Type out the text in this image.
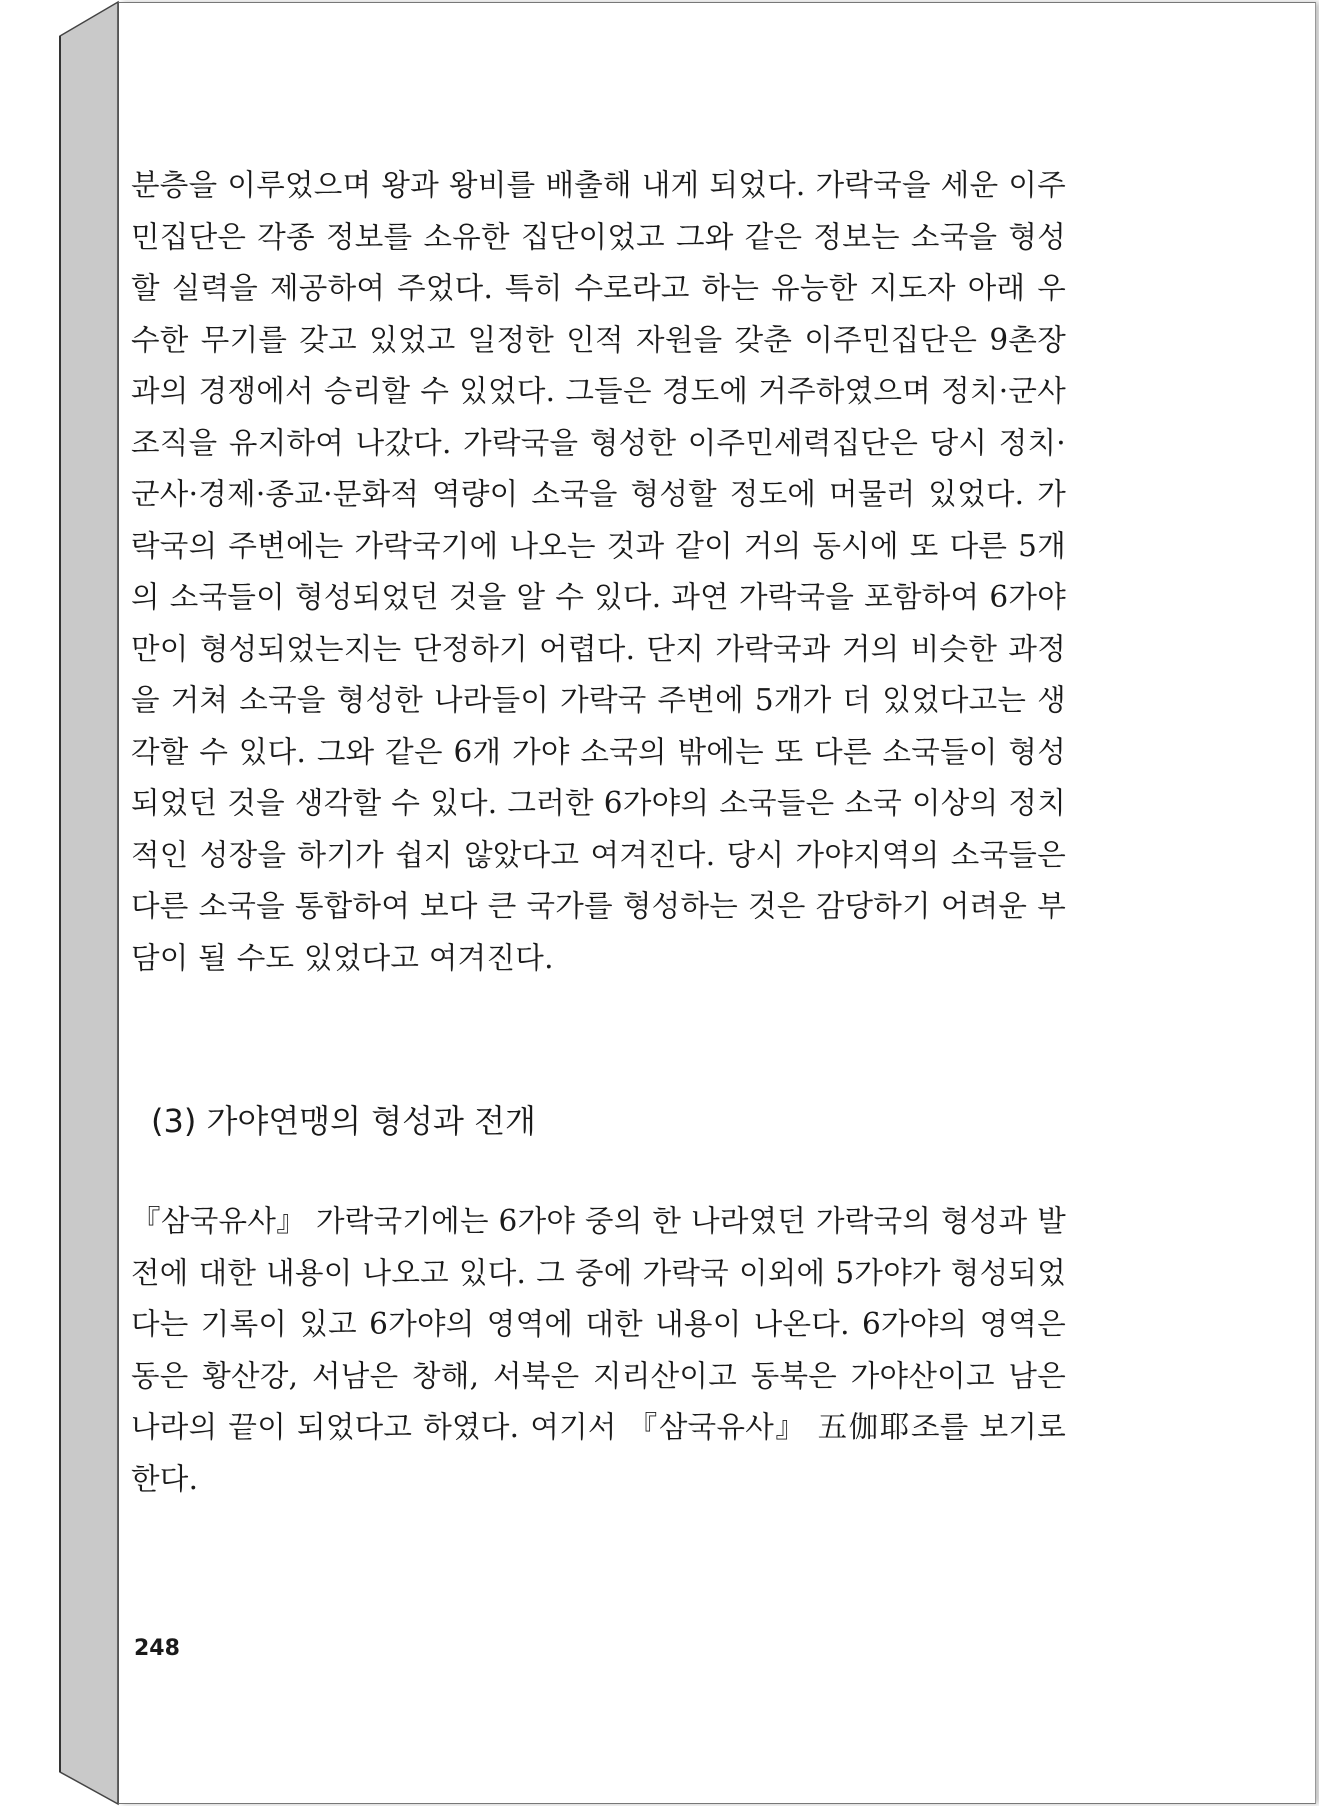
분층을 이루었으며 왕과 왕비를 배출해 내게 되었다. 가락국을 세운 이주민집단은 각종 정보를 소유한 집단이었고 그와 같은 정보는 소국을 형성할 실력을 제공하여 주었다. 특히 수로라고 하는 유능한 지도자 아래 우수한 무기를 갖고 있었고 일정한 인적 자원을 갖춘 이주민집단은 9촌장과의 경쟁에서 승리할 수 있었다. 그들은 경도에 거주하였으며 정치·군사 조직을 유지하여 나갔다. 가락국을 형성한 이주민세력집단은 당시 정치·군사·경제·종교·문화적 역량이 소국을 형성할 정도에 머물러 있었다. 가락국의 주변에는 가락국기에 나오는 것과 같이 거의 동시에 또 다른 5개의 소국들이 형성되었던 것을 알 수 있다. 과연 가락국을 포함하여 6가야만이 형성되었는지는 단정하기 어렵다. 단지 가락국과 거의 비슷한 과정을 거쳐 소국을 형성한 나라들이 가락국 주변에 5개가 더 있었다고는 생각할 수 있다. 그와 같은 6개 가야 소국의 밖에는 또 다른 소국들이 형성되었던 것을 생각할 수 있다. 그러한 6가야의 소국들은 소국 이상의 정치적인 성장을 하기가 쉽지 않았다고 여겨진다. 당시 가야지역의 소국들은 다른 소국을 통합하여 보다 큰 국가를 형성하는 것은 감당하기 어려운 부담이 될 수도 있었다고 여겨진다.

(3) 가야연맹의 형성과 전개

『삼국유사』 가락국기에는 6가야 중의 한 나라였던 가락국의 형성과 발전에 대한 내용이 나오고 있다. 그 중에 가락국 이외에 5가야가 형성되었다는 기록이 있고 6가야의 영역에 대한 내용이 나온다. 6가야의 영역은 동은 황산강, 서남은 창해, 서북은 지리산이고 동북은 가야산이고 남은 나라의 끝이 되었다고 하였다. 여기서 『삼국유사』 五伽耶조를 보기로 한다.

248
